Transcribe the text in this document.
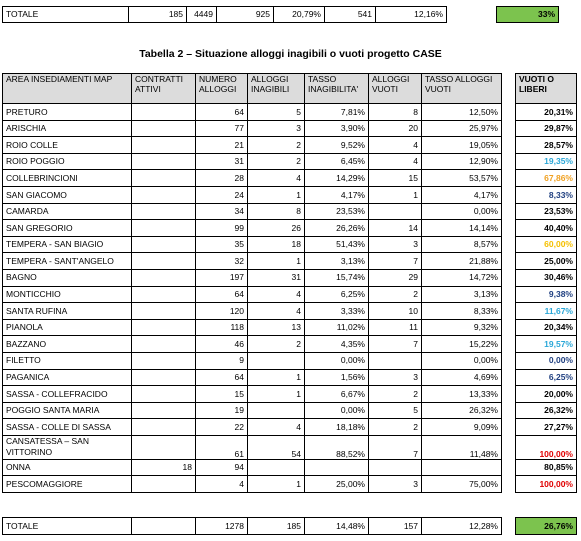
TOTALE	185	4449	925	20,79%	541	12,16%		33%
Tabella 2 – Situazione alloggi inagibili o vuoti progetto CASE
AREA INSEDIAMENTI MAP	CONTRATTI ATTIVI	NUMERO ALLOGGI	ALLOGGI INAGIBILI	TASSO INAGIBILITA'	ALLOGGI VUOTI	TASSO ALLOGGI VUOTI		VUOTI O LIBERI
PRETURO		64	5	7,81%	8	12,50%		20,31%
ARISCHIA		77	3	3,90%	20	25,97%		29,87%
ROIO COLLE		21	2	9,52%	4	19,05%		28,57%
ROIO POGGIO		31	2	6,45%	4	12,90%		19,35%
COLLEBRINCIONI		28	4	14,29%	15	53,57%		67,86%
SAN GIACOMO		24	1	4,17%	1	4,17%		8,33%
CAMARDA		34	8	23,53%		0,00%		23,53%
SAN GREGORIO		99	26	26,26%	14	14,14%		40,40%
TEMPERA - SAN BIAGIO		35	18	51,43%	3	8,57%		60,00%
TEMPERA - SANT'ANGELO		32	1	3,13%	7	21,88%		25,00%
BAGNO		197	31	15,74%	29	14,72%		30,46%
MONTICCHIO		64	4	6,25%	2	3,13%		9,38%
SANTA RUFINA		120	4	3,33%	10	8,33%		11,67%
PIANOLA		118	13	11,02%	11	9,32%		20,34%
BAZZANO		46	2	4,35%	7	15,22%		19,57%
FILETTO		9		0,00%		0,00%		0,00%
PAGANICA		64	1	1,56%	3	4,69%		6,25%
SASSA - COLLEFRACIDO		15	1	6,67%	2	13,33%		20,00%
POGGIO SANTA MARIA		19		0,00%	5	26,32%		26,32%
SASSA - COLLE DI SASSA		22	4	18,18%	2	9,09%		27,27%
CANSATESSA – SAN VITTORINO		61	54	88,52%	7	11,48%		100,00%
ONNA	18	94						80,85%
PESCOMAGGIORE		4	1	25,00%	3	75,00%		100,00%
TOTALE		1278	185	14,48%	157	12,28%		26,76%
